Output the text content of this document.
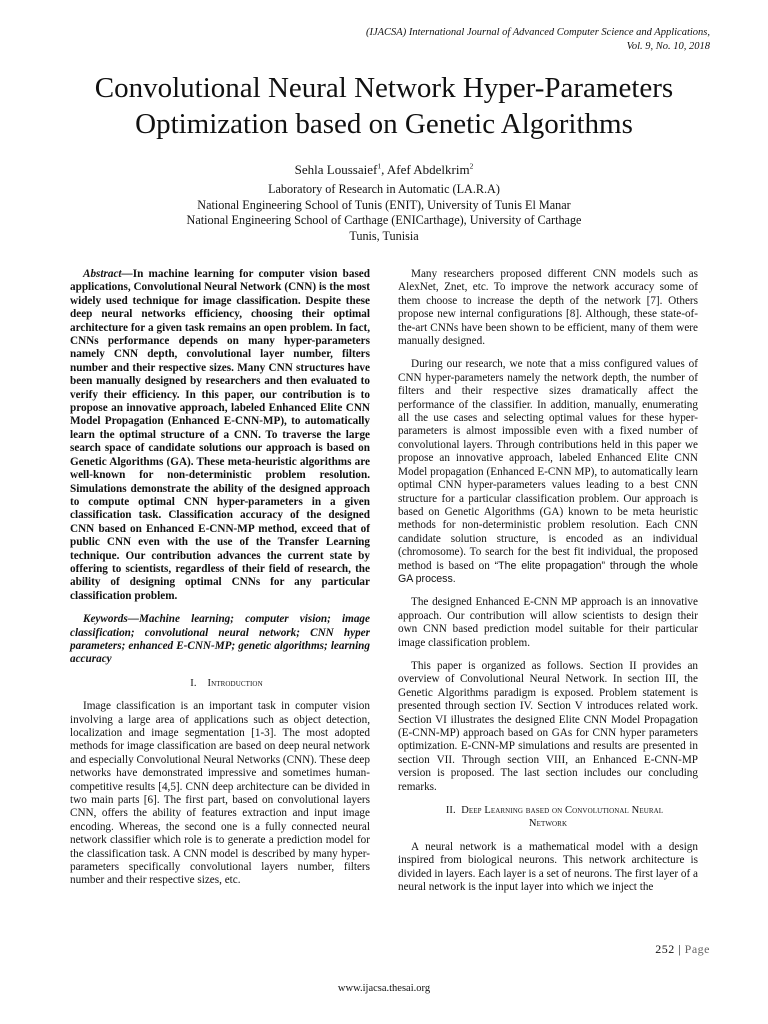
(IJACSA) International Journal of Advanced Computer Science and Applications,
Vol. 9, No. 10, 2018
Convolutional Neural Network Hyper-Parameters
Optimization based on Genetic Algorithms
Sehla Loussaief$^1$, Afef Abdelkrim$^2$
Laboratory of Research in Automatic (LA.R.A)
National Engineering School of Tunis (ENIT), University of Tunis El Manar
National Engineering School of Carthage (ENICarthage), University of Carthage
Tunis, Tunisia

Abstract—In machine learning for computer vision based applications, Convolutional Neural Network (CNN) is the most widely used technique for image classification. Despite these deep neural networks efficiency, choosing their optimal architecture for a given task remains an open problem. In fact, CNNs performance depends on many hyper-parameters namely CNN depth, convolutional layer number, filters number and their respective sizes. Many CNN structures have been manually designed by researchers and then evaluated to verify their efficiency. In this paper, our contribution is to propose an innovative approach, labeled Enhanced Elite CNN Model Propagation (Enhanced E-CNN-MP), to automatically learn the optimal structure of a CNN. To traverse the large search space of candidate solutions our approach is based on Genetic Algorithms (GA). These meta-heuristic algorithms are well-known for non-deterministic problem resolution. Simulations demonstrate the ability of the designed approach to compute optimal CNN hyper-parameters in a given classification task. Classification accuracy of the designed CNN based on Enhanced E-CNN-MP method, exceed that of public CNN even with the use of the Transfer Learning technique. Our contribution advances the current state by offering to scientists, regardless of their field of research, the ability of designing optimal CNNs for any particular classification problem.

Keywords—Machine learning; computer vision; image classification; convolutional neural network; CNN hyper parameters; enhanced E-CNN-MP; genetic algorithms; learning accuracy

I. Introduction

Image classification is an important task in computer vision involving a large area of applications such as object detection, localization and image segmentation [1-3]. The most adopted methods for image classification are based on deep neural network and especially Convolutional Neural Networks (CNN). These deep networks have demonstrated impressive and sometimes human-competitive results [4,5]. CNN deep architecture can be divided in two main parts [6]. The first part, based on convolutional layers CNN, offers the ability of features extraction and input image encoding. Whereas, the second one is a fully connected neural network classifier which role is to generate a prediction model for the classification task. A CNN model is described by many hyper-parameters specifically convolutional layers number, filters number and their respective sizes, etc.

Many researchers proposed different CNN models such as AlexNet, Znet, etc. To improve the network accuracy some of them choose to increase the depth of the network [7]. Others propose new internal configurations [8]. Although, these state-of-the-art CNNs have been shown to be efficient, many of them were manually designed.

During our research, we note that a miss configured values of CNN hyper-parameters namely the network depth, the number of filters and their respective sizes dramatically affect the performance of the classifier. In addition, manually, enumerating all the use cases and selecting optimal values for these hyper-parameters is almost impossible even with a fixed number of convolutional layers. Through contributions held in this paper we propose an innovative approach, labeled Enhanced Elite CNN Model propagation (Enhanced E-CNN MP), to automatically learn optimal CNN hyper-parameters values leading to a best CNN structure for a particular classification problem. Our approach is based on Genetic Algorithms (GA) known to be meta heuristic methods for non-deterministic problem resolution. Each CNN candidate solution structure, is encoded as an individual (chromosome). To search for the best fit individual, the proposed method is based on “The elite propagation” through the whole GA process.

The designed Enhanced E-CNN MP approach is an innovative approach. Our contribution will allow scientists to design their own CNN based prediction model suitable for their particular image classification problem.

This paper is organized as follows. Section II provides an overview of Convolutional Neural Network. In section III, the Genetic Algorithms paradigm is exposed. Problem statement is presented through section IV. Section V introduces related work. Section VI illustrates the designed Elite CNN Model Propagation (E-CNN-MP) approach based on GAs for CNN hyper parameters optimization. E-CNN-MP simulations and results are presented in section VII. Through section VIII, an Enhanced E-CNN-MP version is proposed. The last section includes our concluding remarks.

II. Deep Learning based on Convolutional Neural
Network

A neural network is a mathematical model with a design inspired from biological neurons. This network architecture is divided in layers. Each layer is a set of neurons. The first layer of a neural network is the input layer into which we inject the

252 | Page
www.ijacsa.thesai.org
